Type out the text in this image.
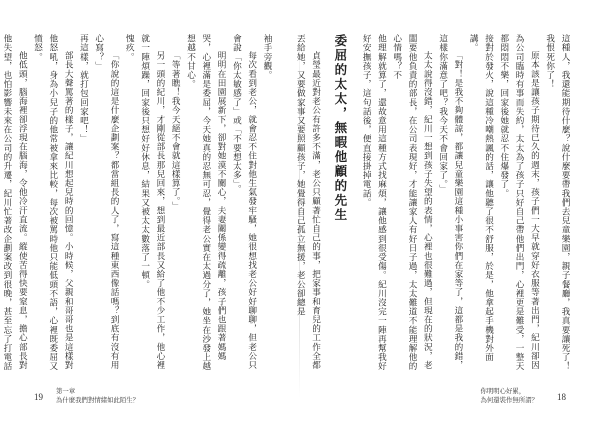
袖手旁觀。

每次看到老公，就會忍不住對他生氣發牢騷，她很想找老公好好聊聊，但老公只會說「你太敏感了」或「不要想太多」。

明明在田園展新下，卻對她漠不關心，夫妻關係變得疏離，孩子們也跟著媽媽哭，心裡滿是委屈，今天她真的忍無可忍，覺得老公實在太過分了，她坐在沙發上越想越不甘心。

「等著瞧！我今天絕不會就這樣算了。」

另一頭的紀川，才剛從部長那兒回來，想到最近部長又給了他不少工作，他心裡就一陣煩躁，回家後只想好好休息，結果又被太太數落了一頓。

愧疚。

「你說的這是什麼企劃案？都當組長的人了，寫這種東西像話嗎？到底有沒有用心寫？」

再這樣，就打包回家吧！」

部長大聲罵著的樣子，讓紀川想起兒時的回憶。小時候，父親和哥哥也是這樣對他怒吼，身為小兒子的他常被拿來比較，每次被罵時他只能低頭不語，心裡既委屈又憤怒。

他低頭，腦海裡卻浮現在腦海，令他冷汗直流。縱使苦得快要窒息，擔心部長對他失望，也怕影響未來在公司的升遷，紀川忙著改企劃案改到很晚，甚至忘了打電話

19
第一章
為什麼我們對情緒如此陌生？

這種人，我還能期待什麼？說什麼要帶我們去兒童樂園，親子餐廳，我真要讓死了！我恨死你了！

原本該是讓孩子期待已久的週末，孩子們一大早就穿好衣服等著出門，紀川卻因為公司臨時有事而失約，太太為了孩子只好自己帶他們出門，心裡更是難受，一整天都悶悶不樂，回家後她就忍不住爆發了。

接對於發火，說這種冷嘲熱諷的話，讓他聽了很不舒服，於是，他拿起手機對外面講。

「對！是我不夠體諒，都讓兒童樂園這種小事害你們在家等了，這都是我的錯，這樣你滿意了吧？我今天不會回家了。」

太太說得沒錯，紀川一想到孩子失望的表情，心裡也很難過，但現在的狀況，老闆要他負責的部長，在公司表現好，才能讓家人有好日子過，太太難道不能理解他的心情嗎？不

他理解就算了，還故意用這種方式找麻煩，讓他感到很受傷。紀川沒完一陣再幫我好好安撫孩子，這句話後，便直接掛掉電話。

委屈的太太，無暇他顧的先生

貞瑩最近對老公有許多不滿，老公只顧著忙自己的事，把家事和育兒的工作全都丟給她，又要做家事又要照顧孩子，她覺得自己孤立無援，老公卻總是

你明明心好累，
為何還裝作無所謂？ 18
